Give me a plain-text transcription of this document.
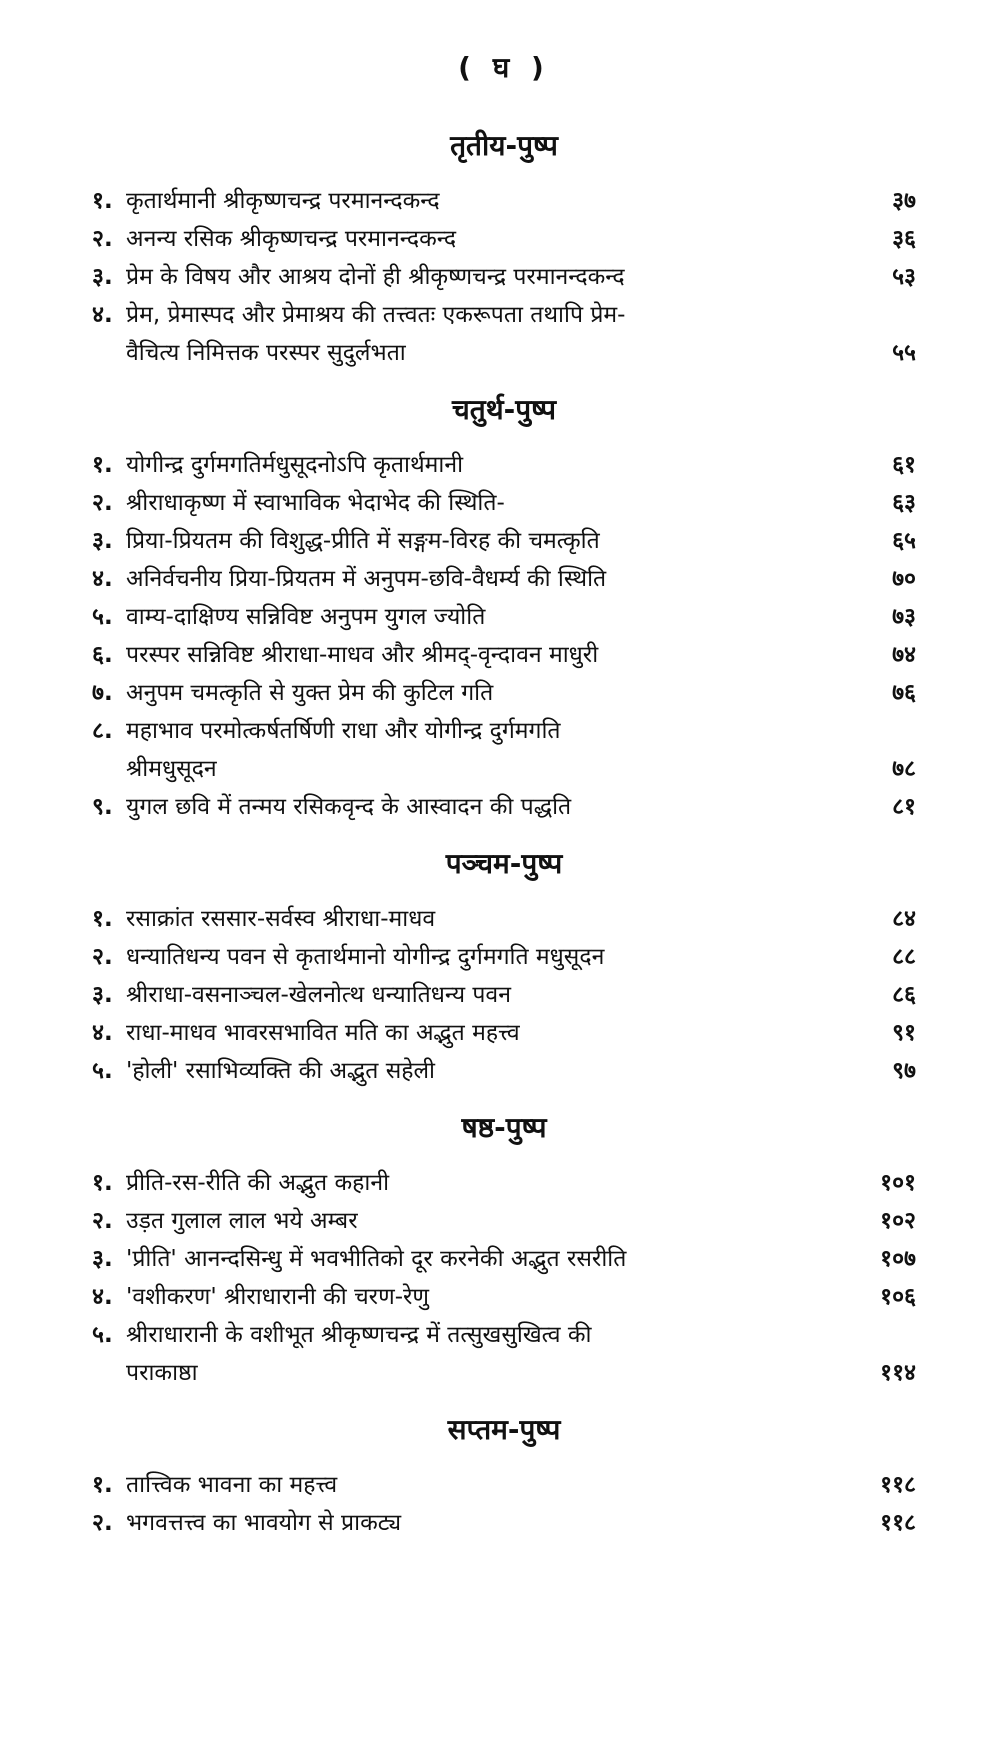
( घ )
तृतीय-पुष्प
१. कृतार्थमानी श्रीकृष्णचन्द्र परमानन्दकन्द	३७
२. अनन्य रसिक श्रीकृष्णचन्द्र परमानन्दकन्द	३६
३. प्रेम के विषय और आश्रय दोनों ही श्रीकृष्णचन्द्र परमानन्दकन्द	५३
४. प्रेम, प्रेमास्पद और प्रेमाश्रय की तत्त्वतः एकरूपता तथापि प्रेम-
वैचित्य निमित्तक परस्पर सुदुर्लभता	५५
चतुर्थ-पुष्प
१. योगीन्द्र दुर्गमगतिर्मधुसूदनोऽपि कृतार्थमानी	६१
२. श्रीराधाकृष्ण में स्वाभाविक भेदाभेद की स्थिति-	६३
३. प्रिया-प्रियतम की विशुद्ध-प्रीति में सङ्गम-विरह की चमत्कृति	६५
४. अनिर्वचनीय प्रिया-प्रियतम में अनुपम-छवि-वैधर्म्य की स्थिति	७०
५. वाम्य-दाक्षिण्य सन्निविष्ट अनुपम युगल ज्योति	७३
६. परस्पर सन्निविष्ट श्रीराधा-माधव और श्रीमद्-वृन्दावन माधुरी	७४
७. अनुपम चमत्कृति से युक्त प्रेम की कुटिल गति	७६
८. महाभाव परमोत्कर्षतर्षिणी राधा और योगीन्द्र दुर्गमगति
श्रीमधुसूदन	७८
९. युगल छवि में तन्मय रसिकवृन्द के आस्वादन की पद्धति	८१
पञ्चम-पुष्प
१. रसाक्रांत रससार-सर्वस्व श्रीराधा-माधव	८४
२. धन्यातिधन्य पवन से कृतार्थमानो योगीन्द्र दुर्गमगति मधुसूदन	८८
३. श्रीराधा-वसनाञ्चल-खेलनोत्थ धन्यातिधन्य पवन	८६
४. राधा-माधव भावरसभावित मति का अद्भुत महत्त्व	९१
५. 'होली' रसाभिव्यक्ति की अद्भुत सहेली	९७
षष्ठ-पुष्प
१. प्रीति-रस-रीति की अद्भुत कहानी	१०१
२. उड़त गुलाल लाल भये अम्बर	१०२
३. 'प्रीति' आनन्दसिन्धु में भवभीतिको दूर करनेकी अद्भुत रसरीति	१०७
४. 'वशीकरण' श्रीराधारानी की चरण-रेणु	१०६
५. श्रीराधारानी के वशीभूत श्रीकृष्णचन्द्र में तत्सुखसुखित्व की
पराकाष्ठा	११४
सप्तम-पुष्प
१. तात्त्विक भावना का महत्त्व	११८
२. भगवत्तत्त्व का भावयोग से प्राकट्य	११८
